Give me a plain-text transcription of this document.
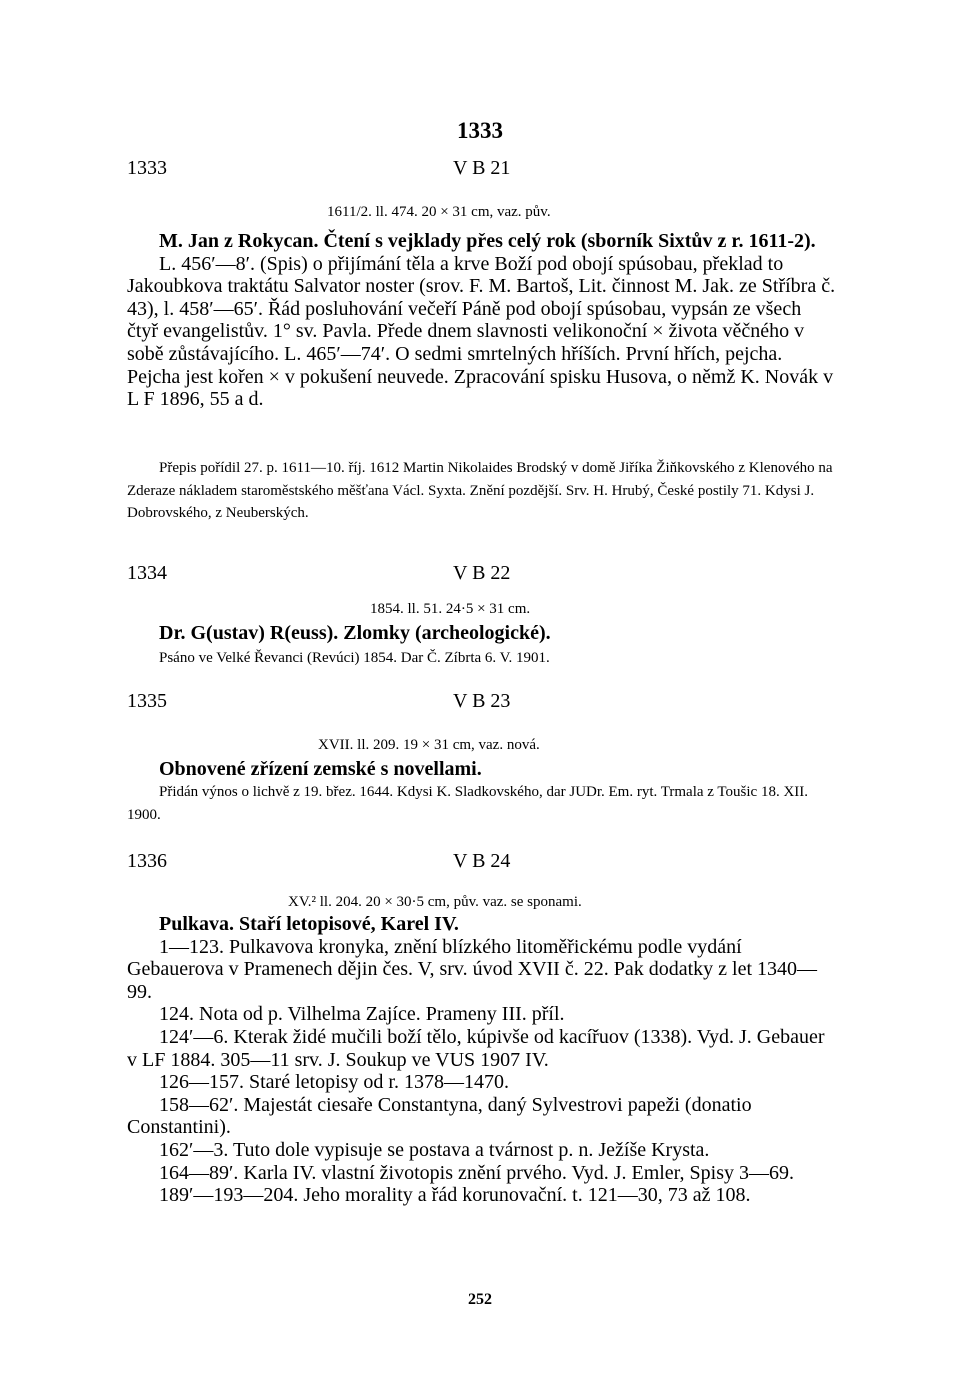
1333
1333	V B 21
1611/2. ll. 474. 20 × 31 cm, vaz. pův.

M. Jan z Rokycan. Čtení s vejklady přes celý rok (sborník Sixtův z r. 1611-2).

L. 456′—8′. (Spis) o přijímání těla a krve Boží pod obojí spúsobau, překlad to Jakoubkova traktátu Salvator noster (srov. F. M. Bartoš, Lit. činnost M. Jak. ze Stříbra č. 43), l. 458′—65′. Řád posluhování večeří Páně pod obojí spúsobau, vypsán ze všech čtyř evangelistův. 1° sv. Pavla. Přede dnem slavnosti velikonoční × života věčného v sobě zůstávajícího. L. 465′—74′. O sedmi smrtelných hříších. První hřích, pejcha. Pejcha jest kořen × v pokušení neuvede. Zpracování spisku Husova, o němž K. Novák v L F 1896, 55 a d.

Přepis pořídil 27. p. 1611—10. říj. 1612 Martin Nikolaides Brodský v domě Jiříka Žiňkovského z Klenového na Zderaze nákladem staroměstského měšťana Václ. Syxta. Znění pozdější. Srv. H. Hrubý, České postily 71. Kdysi J. Dobrovského, z Neuberských.

1334	V B 22
1854. ll. 51. 24·5 × 31 cm.

Dr. G(ustav) R(euss). Zlomky (archeologické).

Psáno ve Velké Řevanci (Revúci) 1854. Dar Č. Zíbrta 6. V. 1901.

1335	V B 23
XVII. ll. 209. 19 × 31 cm, vaz. nová.

Obnovené zřízení zemské s novellami.

Přidán výnos o lichvě z 19. břez. 1644. Kdysi K. Sladkovského, dar JUDr. Em. ryt. Trmala z Toušic 18. XII. 1900.

1336	V B 24
XV.² ll. 204. 20 × 30·5 cm, pův. vaz. se sponami.

Pulkava. Staří letopisové, Karel IV.

1—123. Pulkavova kronyka, znění blízkého litoměřickému podle vydání Gebauerova v Pramenech dějin čes. V, srv. úvod XVII č. 22. Pak dodatky z let 1340—99.

124. Nota od p. Vilhelma Zajíce. Prameny III. příl.

124′—6. Kterak židé mučili boží tělo, kúpivše od kacířuov (1338). Vyd. J. Gebauer v LF 1884. 305—11 srv. J. Soukup ve VUS 1907 IV.

126—157. Staré letopisy od r. 1378—1470.

158—62′. Majestát ciesaře Constantyna, daný Sylvestrovi papeži (donatio Constantini).

162′—3. Tuto dole vypisuje se postava a tvárnost p. n. Ježíše Krysta.

164—89′. Karla IV. vlastní životopis znění prvého. Vyd. J. Emler, Spisy 3—69.

189′—193—204. Jeho morality a řád korunovační. t. 121—30, 73 až 108.

252
